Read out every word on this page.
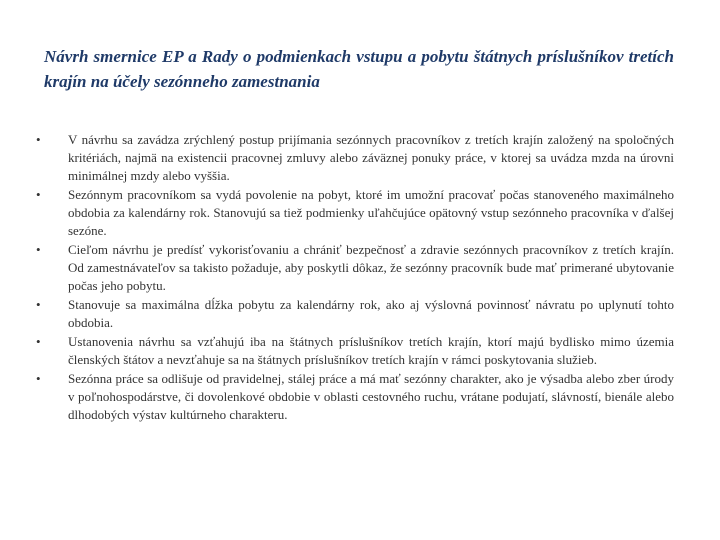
Návrh smernice EP a Rady o podmienkach vstupu a pobytu štátnych príslušníkov tretích krajín na účely sezónneho zamestnania
•	V návrhu sa zavádza zrýchlený postup prijímania sezónnych pracovníkov z tretích krajín založený na spoločných kritériách, najmä na existencii pracovnej zmluvy alebo záväznej ponuky práce, v ktorej sa uvádza mzda na úrovni minimálnej mzdy alebo vyššia.
•	Sezónnym pracovníkom sa vydá povolenie na pobyt, ktoré im umožní pracovať počas stanoveného maximálneho obdobia za kalendárny rok. Stanovujú sa tiež podmienky uľahčujúce opätovný vstup sezónneho pracovníka v ďalšej sezóne.
•	Cieľom návrhu je predísť vykorisťovaniu a chrániť bezpečnosť a zdravie sezónnych pracovníkov z tretích krajín. Od zamestnávateľov sa takisto požaduje, aby poskytli dôkaz, že sezónny pracovník bude mať primerané ubytovanie počas jeho pobytu.
•	Stanovuje sa maximálna dĺžka pobytu za kalendárny rok, ako aj výslovná povinnosť návratu po uplynutí tohto obdobia.
•	Ustanovenia návrhu sa vzťahujú iba na štátnych príslušníkov tretích krajín, ktorí majú bydlisko mimo územia členských štátov a nevzťahuje sa na štátnych príslušníkov tretích krajín v rámci poskytovania služieb.
•	Sezónna práce sa odlišuje od pravidelnej, stálej práce a má mať sezónny charakter, ako je výsadba alebo zber úrody v poľnohospodárstve, či dovolenkové obdobie v oblasti cestovného ruchu, vrátane podujatí, slávností, bienále alebo dlhodobých výstav kultúrneho charakteru.
